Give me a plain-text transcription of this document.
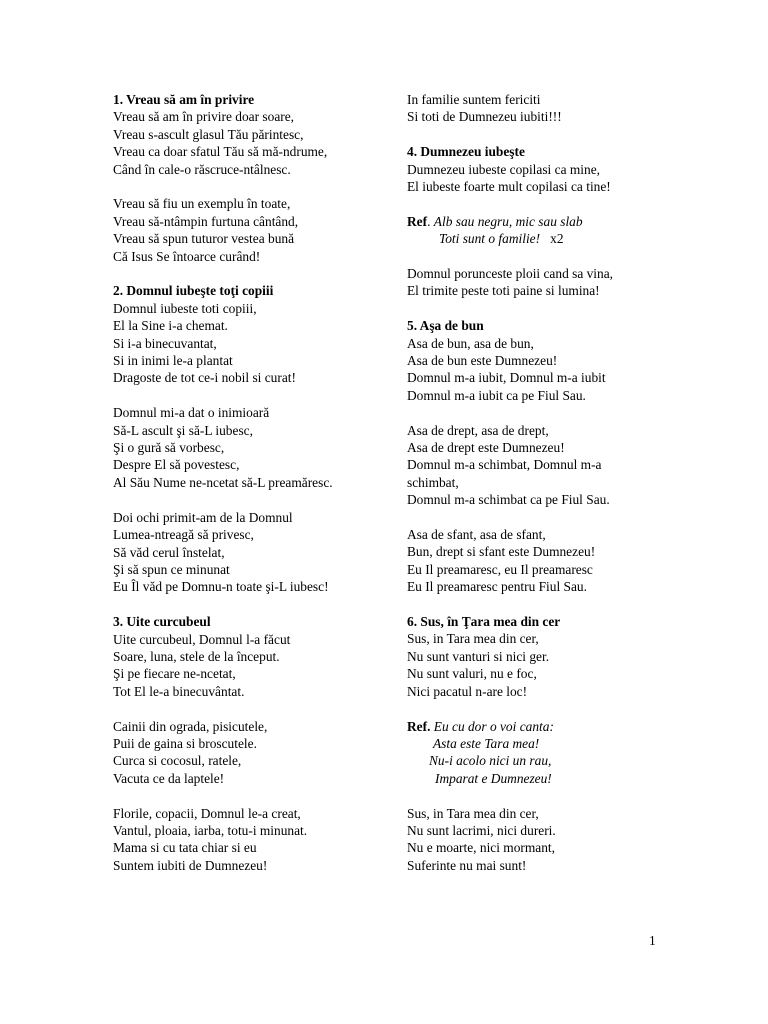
1. Vreau să am în privire
Vreau să am în privire doar soare,
Vreau s-ascult glasul Tău părintesc,
Vreau ca doar sfatul Tău să mă-ndrume,
Când în cale-o răscruce-ntâlnesc.
Vreau să fiu un exemplu în toate,
Vreau să-ntâmpin furtuna cântând,
Vreau să spun tuturor vestea bună
Că Isus Se întoarce curând!
2. Domnul iubeşte toţi copiii
Domnul iubeste toti copiii,
El la Sine i-a chemat.
Si i-a binecuvantat,
Si in inimi le-a plantat
Dragoste de tot ce-i nobil si curat!
Domnul mi-a dat o inimioară
Să-L ascult şi să-L iubesc,
Şi o gură să vorbesc,
Despre El să povestesc,
Al Său Nume ne-ncetat să-L preamăresc.
Doi ochi primit-am de la Domnul
Lumea-ntreagă să privesc,
Să văd cerul înstelat,
Şi să spun ce minunat
Eu Îl văd pe Domnu-n toate şi-L iubesc!
3. Uite curcubeul
Uite curcubeul, Domnul l-a făcut
Soare, luna, stele de la început.
Şi pe fiecare ne-ncetat,
Tot El le-a binecuvântat.
Cainii din ograda, pisicutele,
Puii de gaina si broscutele.
Curca si cocosul, ratele,
Vacuta ce da laptele!
Florile, copacii, Domnul le-a creat,
Vantul, ploaia, iarba, totu-i minunat.
Mama si cu tata chiar si eu
Suntem iubiti de Dumnezeu!
In familie suntem fericiti
Si toti de Dumnezeu iubiti!!!
4. Dumnezeu iubeşte
Dumnezeu iubeste copilasi ca mine,
El iubeste foarte mult copilasi ca tine!
Ref. Alb sau negru, mic sau slab
Toti sunt o familie! x2
Domnul porunceste ploii cand sa vina,
El trimite peste toti paine si lumina!
5. Aşa de bun
Asa de bun, asa de bun,
Asa de bun este Dumnezeu!
Domnul m-a iubit, Domnul m-a iubit
Domnul m-a iubit ca pe Fiul Sau.
Asa de drept, asa de drept,
Asa de drept este Dumnezeu!
Domnul m-a schimbat, Domnul m-a
schimbat,
Domnul m-a schimbat ca pe Fiul Sau.
Asa de sfant, asa de sfant,
Bun, drept si sfant este Dumnezeu!
Eu Il preamaresc, eu Il preamaresc
Eu Il preamaresc pentru Fiul Sau.
6. Sus, în Ţara mea din cer
Sus, in Tara mea din cer,
Nu sunt vanturi si nici ger.
Nu sunt valuri, nu e foc,
Nici pacatul n-are loc!
Ref. Eu cu dor o voi canta:
Asta este Tara mea!
Nu-i acolo nici un rau,
Imparat e Dumnezeu!
Sus, in Tara mea din cer,
Nu sunt lacrimi, nici dureri.
Nu e moarte, nici mormant,
Suferinte nu mai sunt!
1
